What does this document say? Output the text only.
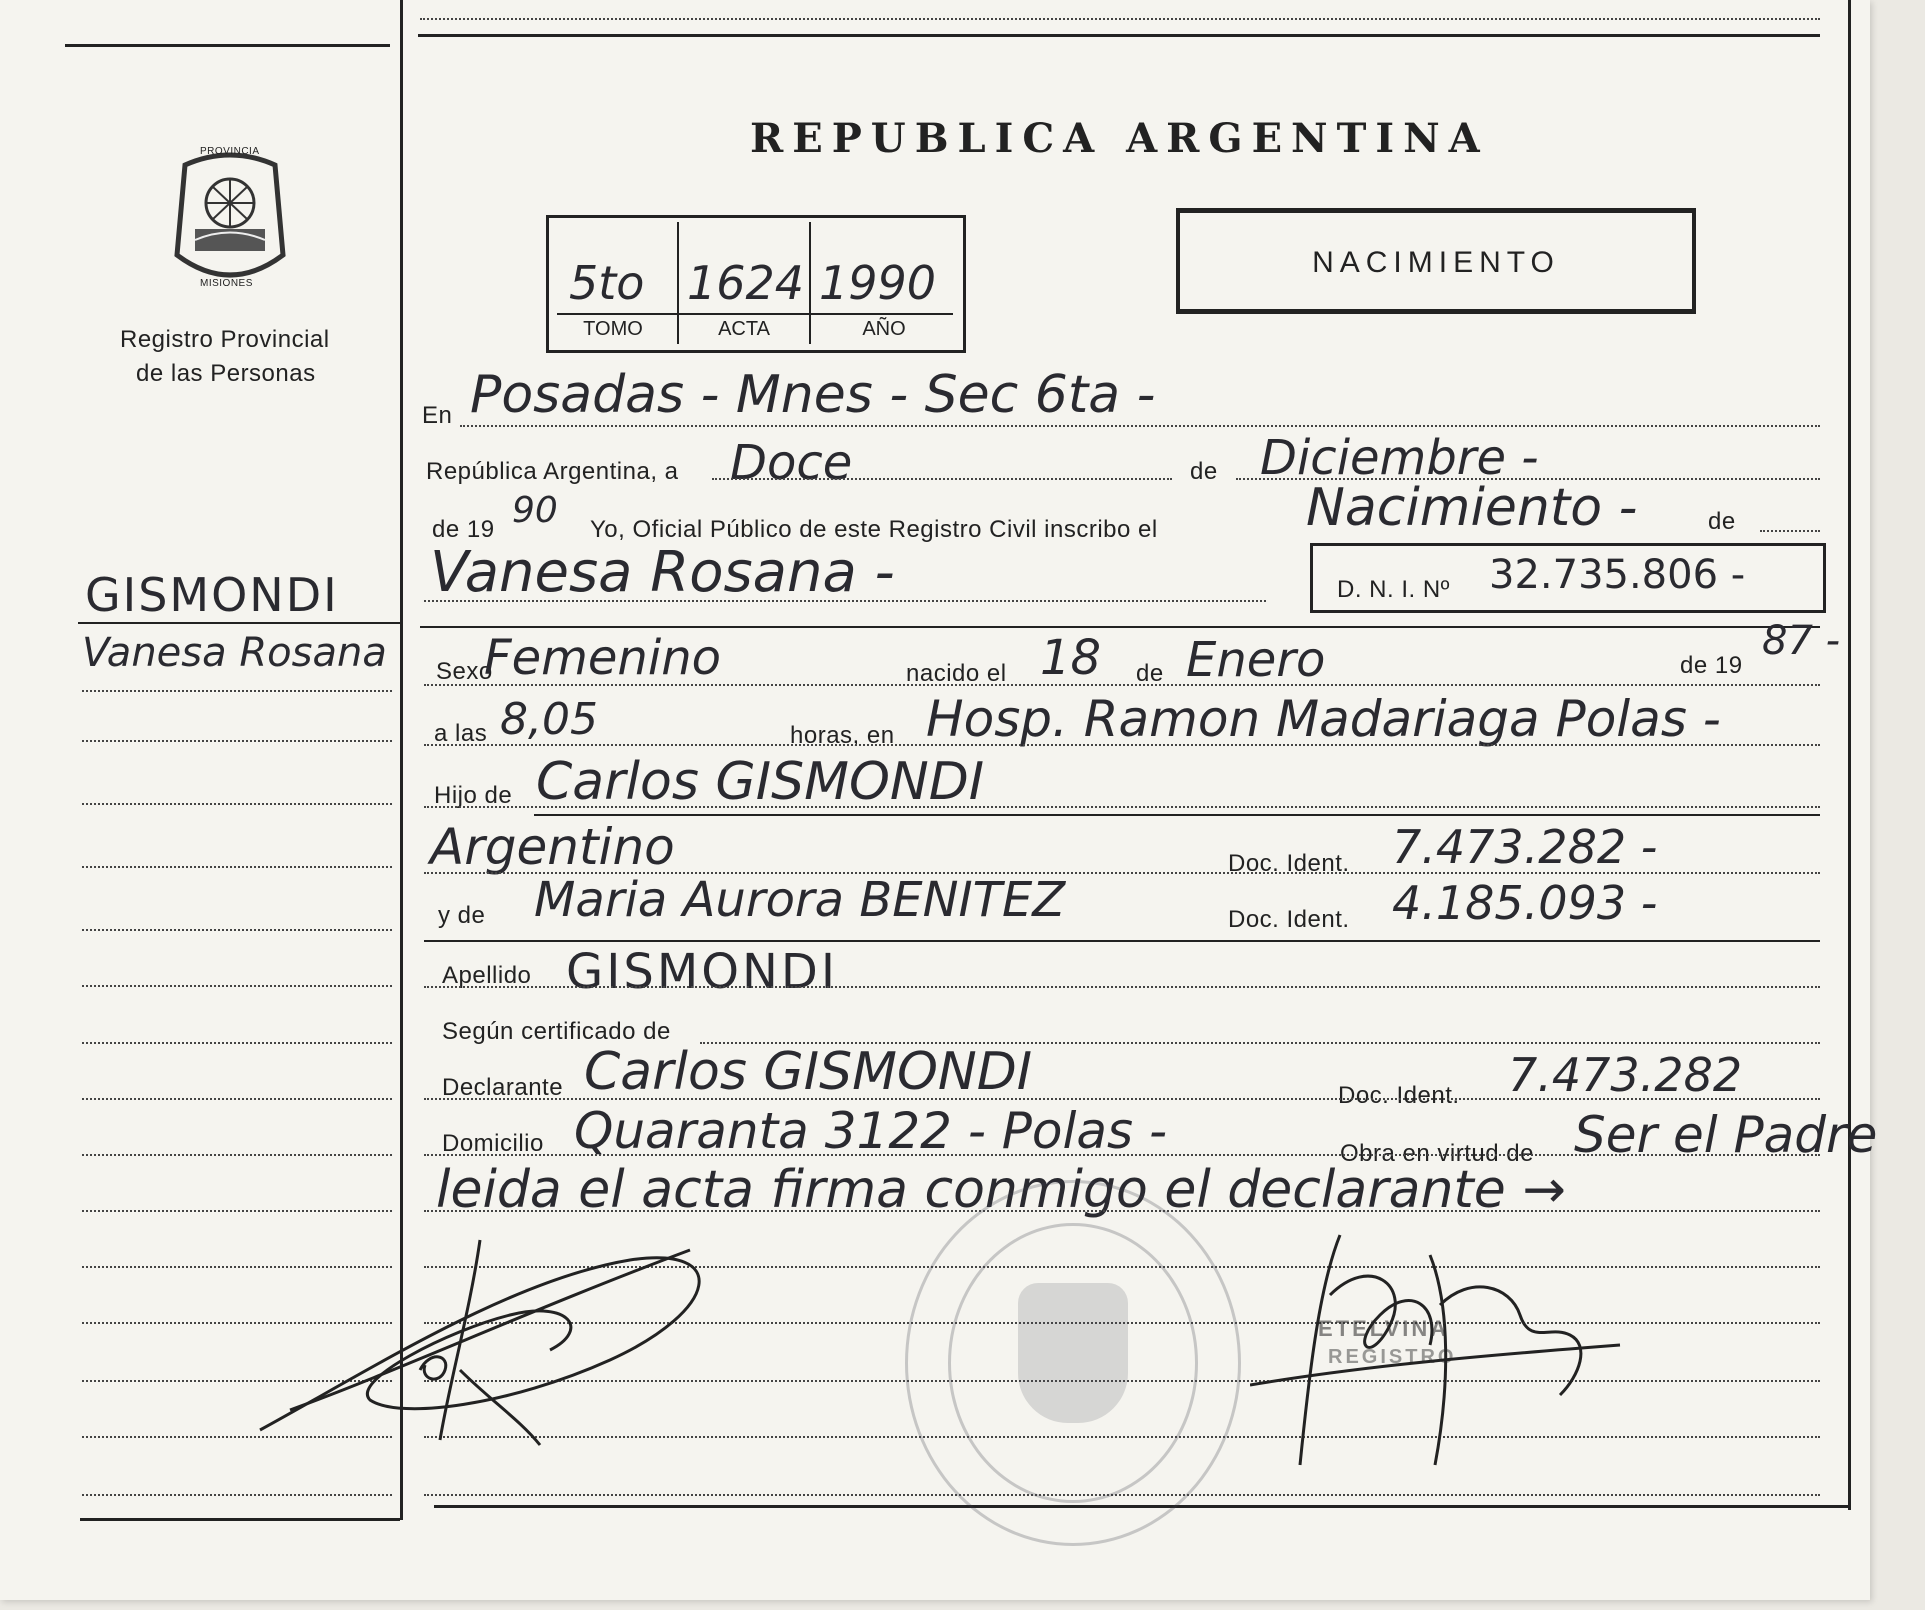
PROVINCIA
MISIONES
Registro Provincial
de las Personas
GISMONDI
Vanesa Rosana
REPUBLICA ARGENTINA
5to 1624 1990
TOMO	ACTA	AÑO
NACIMIENTO
En Posadas - Mnes - Sec 6ta -
República Argentina, a Doce	de Diciembre -
de 19 90 Yo, Oficial Público de este Registro Civil inscribo el	Nacimiento -	de
Vanesa Rosana -	D. N. I. Nº 32.735.806 -
Sexo
Femenino	nacido el 18 de Enero	de 19
87 -
a las 8,05	horas, en Hosp. Ramon Madariaga Polas -
Hijo de Carlos GISMONDI
Argentino	Doc. Ident. 7.473.282 -
y de Maria Aurora BENITEZ	Doc. Ident. 4.185.093 -
Apellido GISMONDI
Según certificado de
Declarante Carlos GISMONDI	Doc. Ident. 7.473.282
Domicilio Quaranta 3122 - Polas -	Obra en virtud de Ser el Padre
leida el acta firma conmigo el declarante →
ETELVINA
REGISTRO
